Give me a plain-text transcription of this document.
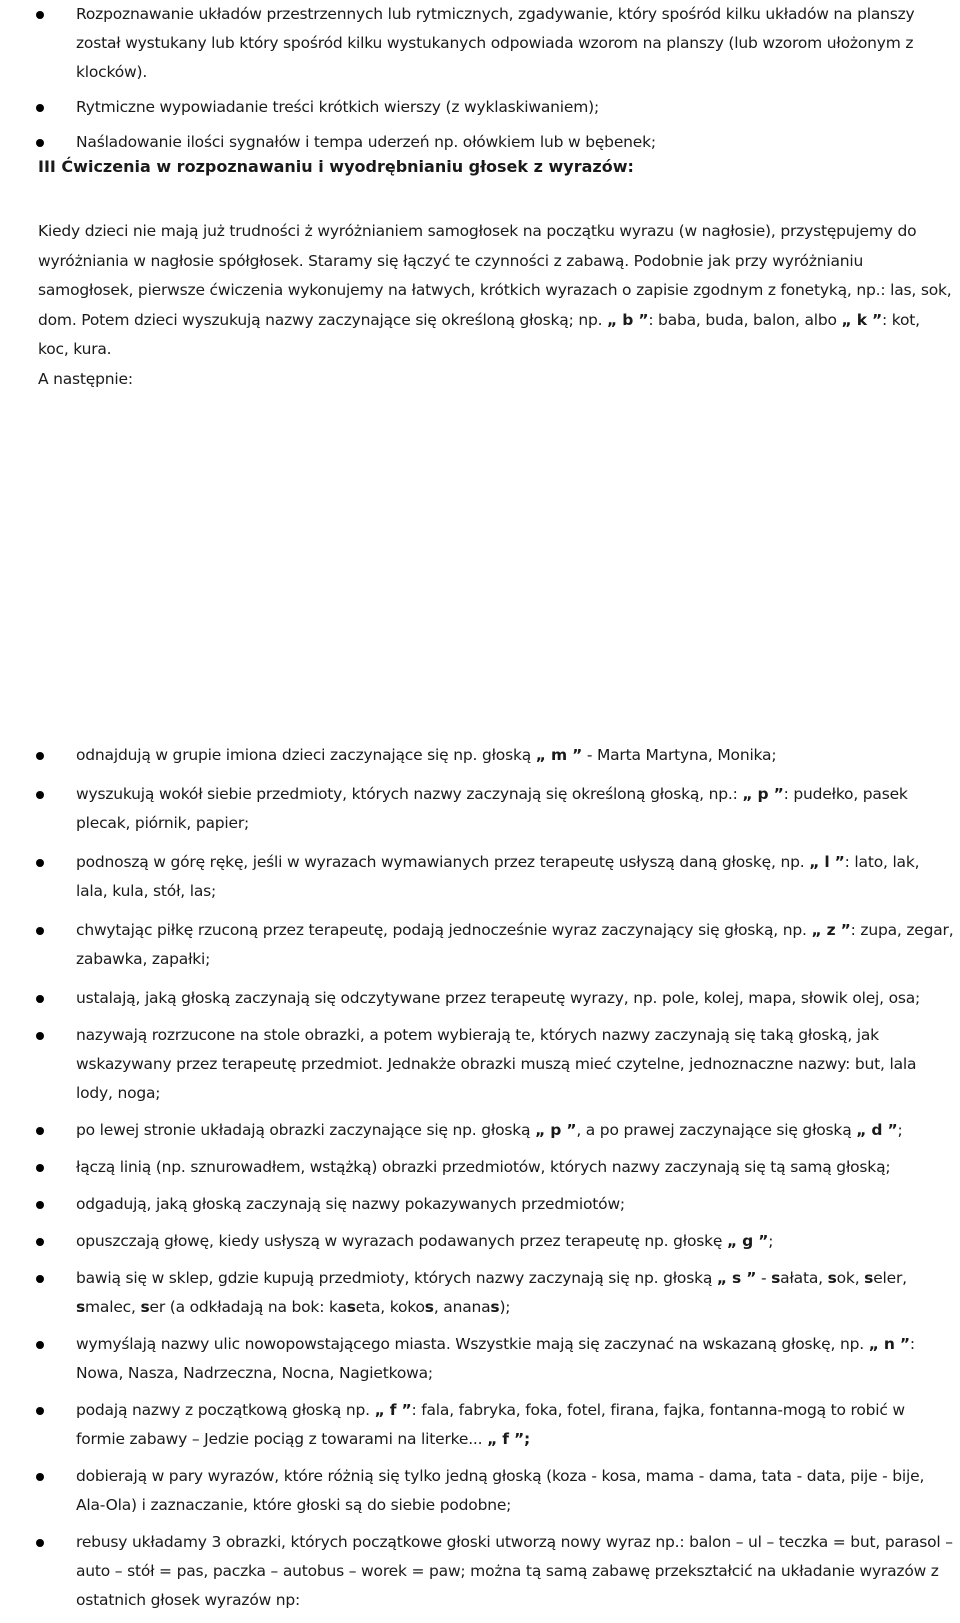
Rozpoznawanie układów przestrzennych lub rytmicznych, zgadywanie, który spośród kilku układów na planszy został wystukany lub który spośród kilku wystukanych odpowiada wzorom na planszy (lub wzorom ułożonym z klocków).
Rytmiczne wypowiadanie treści krótkich wierszy (z wyklaskiwaniem);
Naśladowanie ilości sygnałów i tempa uderzeń np. ołówkiem lub w bębenek;
III Ćwiczenia w rozpoznawaniu i wyodrębnianiu głosek z wyrazów:

Kiedy dzieci nie mają już trudności ż wyróżnianiem samogłosek na początku wyrazu (w nagłosie), przystępujemy do wyróżniania w nagłosie spółgłosek. Staramy się łączyć te czynności z zabawą. Podobnie jak przy wyróżnianiu samogłosek, pierwsze ćwiczenia wykonujemy na łatwych, krótkich wyrazach o zapisie zgodnym z fonetyką, np.: las, sok, dom. Potem dzieci wyszukują nazwy zaczynające się określoną głoską; np. „ b ”: baba, buda, balon, albo „ k ”: kot, koc, kura.

A następnie:

odnajdują w grupie imiona dzieci zaczynające się np. głoską „ m ” - Marta Martyna, Monika;
wyszukują wokół siebie przedmioty, których nazwy zaczynają się określoną głoską, np.: „ p ”: pudełko, pasek plecak, piórnik, papier;
podnoszą w górę rękę, jeśli w wyrazach wymawianych przez terapeutę usłyszą daną głoskę, np. „ l ”: lato, lak, lala, kula, stół, las;
chwytając piłkę rzuconą przez terapeutę, podają jednocześnie wyraz zaczynający się głoską, np. „ z ”: zupa, zegar, zabawka, zapałki;
ustalają, jaką głoską zaczynają się odczytywane przez terapeutę wyrazy, np. pole, kolej, mapa, słowik olej, osa;
nazywają rozrzucone na stole obrazki, a potem wybierają te, których nazwy zaczynają się taką głoską, jak wskazywany przez terapeutę przedmiot. Jednakże obrazki muszą mieć czytelne, jednoznaczne nazwy: but, lala lody, noga;
po lewej stronie układają obrazki zaczynające się np. głoską „ p ”, a po prawej zaczynające się głoską „ d ”;
łączą linią (np. sznurowadłem, wstążką) obrazki przedmiotów, których nazwy zaczynają się tą samą głoską;
odgadują, jaką głoską zaczynają się nazwy pokazywanych przedmiotów;
opuszczają głowę, kiedy usłyszą w wyrazach podawanych przez terapeutę np. głoskę „ g ”;
bawią się w sklep, gdzie kupują przedmioty, których nazwy zaczynają się np. głoską „ s ” - sałata, sok, seler, smalec, ser (a odkładają na bok: kaseta, kokos, ananas);
wymyślają nazwy ulic nowopowstającego miasta. Wszystkie mają się zaczynać na wskazaną głoskę, np. „ n ”: Nowa, Nasza, Nadrzeczna, Nocna, Nagietkowa;
podają nazwy z początkową głoską np. „ f ”: fala, fabryka, foka, fotel, firana, fajka, fontanna-mogą to robić w formie zabawy – Jedzie pociąg z towarami na literke... „ f ”;
dobierają w pary wyrazów, które różnią się tylko jedną głoską (koza - kosa, mama - dama, tata - data, pije - bije, Ala-Ola) i zaznaczanie, które głoski są do siebie podobne;
rebusy układamy 3 obrazki, których początkowe głoski utworzą nowy wyraz np.: balon – ul – teczka = but, parasol – auto – stół = pas, paczka – autobus – worek = paw; można tą samą zabawę przekształcić na układanie wyrazów z ostatnich głosek wyrazów np:
